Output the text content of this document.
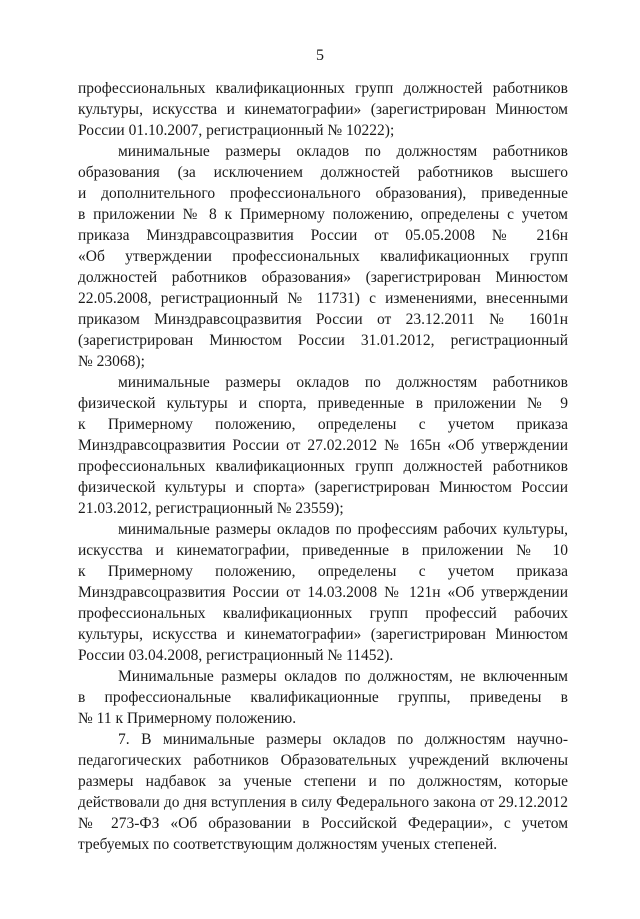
5

профессиональных квалификационных групп должностей работников
культуры, искусства и кинематографии» (зарегистрирован Минюстом
России 01.10.2007, регистрационный № 10222);

минимальные размеры окладов по должностям работников
образования (за исключением должностей работников высшего
и дополнительного профессионального образования), приведенные
в приложении № 8 к Примерному положению, определены с учетом
приказа Минздравсоцразвития России от 05.05.2008 № 216н
«Об утверждении профессиональных квалификационных групп
должностей работников образования» (зарегистрирован Минюстом
22.05.2008, регистрационный № 11731) с изменениями, внесенными
приказом Минздравсоцразвития России от 23.12.2011 № 1601н
(зарегистрирован Минюстом России 31.01.2012, регистрационный
№ 23068);

минимальные размеры окладов по должностям работников
физической культуры и спорта, приведенные в приложении № 9
к Примерному положению, определены с учетом приказа
Минздравсоцразвития России от 27.02.2012 № 165н «Об утверждении
профессиональных квалификационных групп должностей работников
физической культуры и спорта» (зарегистрирован Минюстом России
21.03.2012, регистрационный № 23559);

минимальные размеры окладов по профессиям рабочих культуры,
искусства и кинематографии, приведенные в приложении № 10
к Примерному положению, определены с учетом приказа
Минздравсоцразвития России от 14.03.2008 № 121н «Об утверждении
профессиональных квалификационных групп профессий рабочих
культуры, искусства и кинематографии» (зарегистрирован Минюстом
России 03.04.2008, регистрационный № 11452).

Минимальные размеры окладов по должностям, не включенным
в профессиональные квалификационные группы, приведены в
№ 11 к Примерному положению.

7. В минимальные размеры окладов по должностям научно-
педагогических работников Образовательных учреждений включены
размеры надбавок за ученые степени и по должностям, которые
действовали до дня вступления в силу Федерального закона от 29.12.2012
№ 273-ФЗ «Об образовании в Российской Федерации», с учетом
требуемых по соответствующим должностям ученых степеней.
